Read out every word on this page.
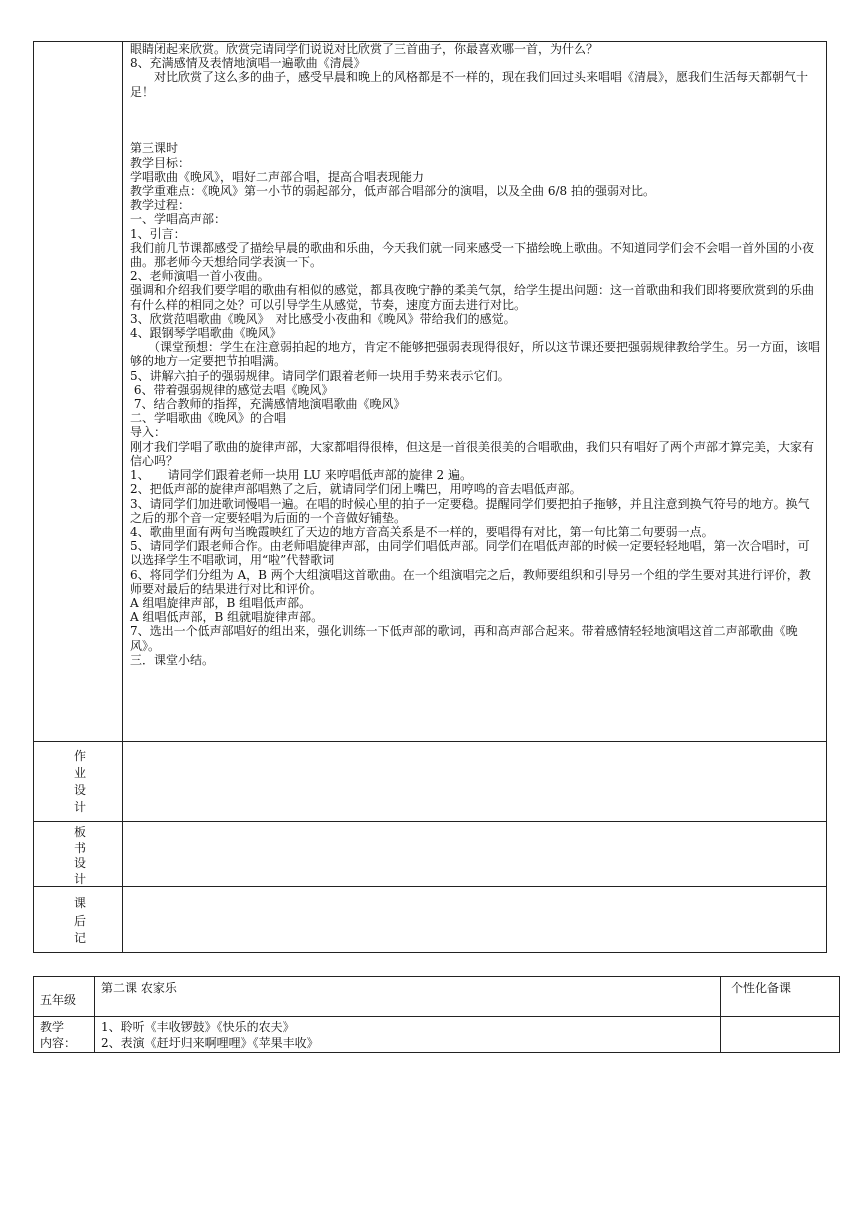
眼睛闭起来欣赏。欣赏完请同学们说说对比欣赏了三首曲子，你最喜欢哪一首，为什么？

8、充满感情及表情地演唱一遍歌曲《清晨》

　　对比欣赏了这么多的曲子，感受早晨和晚上的风格都是不一样的，现在我们回过头来唱唱《清晨》，愿我们生活每天都朝气十足！

第三课时

教学目标：

学唱歌曲《晚风》，唱好二声部合唱，提高合唱表现能力

教学重难点：《晚风》第一小节的弱起部分，低声部合唱部分的演唱，以及全曲 6/8 拍的强弱对比。

教学过程：

一、学唱高声部：

1、引言：

我们前几节课都感受了描绘早晨的歌曲和乐曲，今天我们就一同来感受一下描绘晚上歌曲。不知道同学们会不会唱一首外国的小夜曲。那老师今天想给同学表演一下。

2、老师演唱一首小夜曲。

强调和介绍我们要学唱的歌曲有相似的感觉，都具夜晚宁静的柔美气氛，给学生提出问题：这一首歌曲和我们即将要欣赏到的乐曲有什么样的相同之处？可以引导学生从感觉，节奏，速度方面去进行对比。

3、欣赏范唱歌曲《晚风》　对比感受小夜曲和《晚风》带给我们的感觉。

4、跟钢琴学唱歌曲《晚风》

　　（课堂预想：学生在注意弱拍起的地方，肯定不能够把强弱表现得很好，所以这节课还要把强弱规律教给学生。另一方面，该唱够的地方一定要把节拍唱满。

5、讲解六拍子的强弱规律。请同学们跟着老师一块用手势来表示它们。

6、带着强弱规律的感觉去唱《晚风》

7、结合教师的指挥，充满感情地演唱歌曲《晚风》

二、学唱歌曲《晚风》的合唱

导入：

刚才我们学唱了歌曲的旋律声部，大家都唱得很棒，但这是一首很美很美的合唱歌曲，我们只有唱好了两个声部才算完美，大家有信心吗？

1、　　请同学们跟着老师一块用 LU 来哼唱低声部的旋律 2 遍。

2、把低声部的旋律声部唱熟了之后，就请同学们闭上嘴巴，用哼鸣的音去唱低声部。

3、请同学们加进歌词慢唱一遍。在唱的时候心里的拍子一定要稳。提醒同学们要把拍子拖够，并且注意到换气符号的地方。换气之后的那个音一定要轻唱为后面的一个音做好铺垫。

4、歌曲里面有两句当晚霞映红了天边的地方音高关系是不一样的，要唱得有对比，第一句比第二句要弱一点。

5、请同学们跟老师合作。由老师唱旋律声部，由同学们唱低声部。同学们在唱低声部的时候一定要轻轻地唱，第一次合唱时，可以选择学生不唱歌词，用“啦”代替歌词

6、将同学们分组为 A，B 两个大组演唱这首歌曲。在一个组演唱完之后，教师要组织和引导另一个组的学生要对其进行评价，教师要对最后的结果进行对比和评价。

A 组唱旋律声部，B 组唱低声部。

A 组唱低声部，B 组就唱旋律声部。

7、选出一个低声部唱好的组出来，强化训练一下低声部的歌词，再和高声部合起来。带着感情轻轻地演唱这首二声部歌曲《晚风》。

三．课堂小结。

作
业
设
计
板
书
设
计
课
后
记
五年级
第二课 农家乐	个性化备课
教学
内容：
1、聆听《丰收锣鼓》《快乐的农夫》
2、表演《赶圩归来啊哩哩》《苹果丰收》
